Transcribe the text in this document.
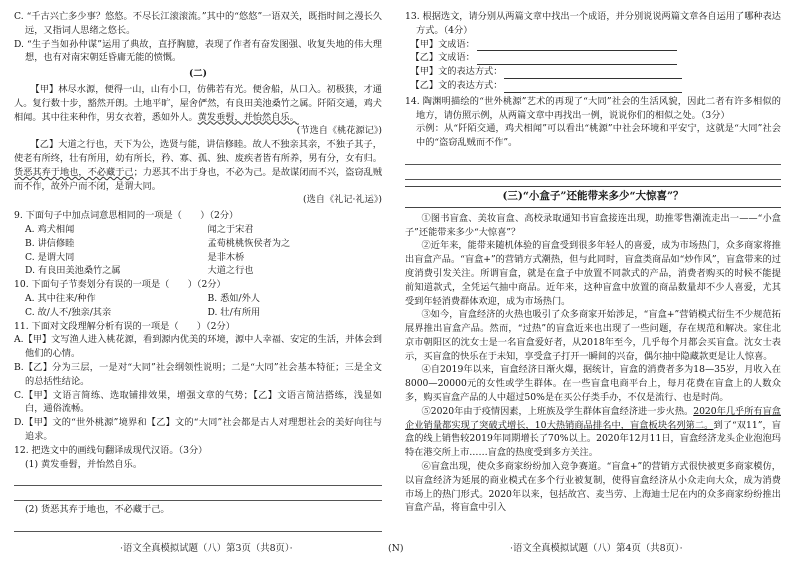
C. “千古兴亡多少事？悠悠。不尽长江滚滚流。”其中的“悠悠”一语双关，既指时间之漫长久远，又指词人思绪之悠长。

D. “生子当如孙仲谋”运用了典故，直抒胸臆，表现了作者有奋发图强、收复失地的伟大理想，也有对南宋朝廷昏庸无能的愤慨。

(二)

【甲】林尽水源，便得一山，山有小口，仿佛若有光。便舍船，从口入。初极狭，才通人。复行数十步，豁然开朗。土地平旷，屋舍俨然，有良田美池桑竹之属。阡陌交通，鸡犬相闻。其中往来种作，男女衣着，悉如外人。黄发垂髫，并怡然自乐。

(节选自《桃花源记》)

【乙】大道之行也，天下为公，选贤与能，讲信修睦。故人不独亲其亲，不独子其子，使老有所终，壮有所用，幼有所长，矜、寡、孤、独、废疾者皆有所养，男有分，女有归。货恶其弃于地也，不必藏于己；力恶其不出于身也，不必为己。是故谋闭而不兴，盗窃乱贼而不作，故外户而不闭，是谓大同。

(选自《礼记·礼运》)

9. 下面句子中加点词意思相同的一项是（　　）（2分）

A. 鸡犬相闻	闻之于宋君
B. 讲信修睦	孟荀桃桃恢侯者为之
C. 是谓大同	是非木桥
D. 有良田美池桑竹之属	大道之行也

10. 下面句子节奏划分有误的一项是（　　）（2分）

A. 其中往来/种作	B. 悉如/外人
C. 故/人不/独亲/其亲	D. 壮/有所用

11. 下面对文段理解分析有误的一项是（　　）（2分）

A.【甲】文写渔人进入桃花源，看到源内优美的环境，源中人幸福、安定的生活，并体会到他们的心情。

B.【乙】分为三层，一是对“大同”社会纲领性说明；二是“大同”社会基本特征；三是全文的总括性结论。

C.【甲】文语言简练、选取铺排效果，增强文章的气势；【乙】文语言简洁搭练，浅显如白，通俗流畅。

D.【甲】文的“世外桃源”境界和【乙】文的“大同”社会都是古人对理想社会的美好向往与追求。

12. 把选文中的画线句翻译成现代汉语。（3分）

(1) 黄发垂髫，并怡然自乐。

(2) 货恶其弃于地也，不必藏于己。

13. 根据选文，请分别从两篇文章中找出一个成语，并分别说说两篇文章各自运用了哪种表达方式。（4分）

【甲】文成语：
【乙】文成语：
【甲】文的表达方式：
【乙】文的表达方式：

14. 陶渊明描绘的“世外桃源”艺术的再现了“大同”社会的生活风貌，因此二者有许多相似的地方，请仿照示例，从两篇文章中再找出一例，说说你们的相似之处。（3分）

示例：从“阡陌交通，鸡犬相闻”可以看出“桃源”中社会环境和平安宁，这就是“大同”社会中的“盗窃乱贼而不作”。

(三)“小盒子”还能带来多少“大惊喜”？

①图书盲盒、美妆盲盒、高校录取通知书盲盒接连出现，助推零售潮流走出一——“小盒子”还能带来多少“大惊喜”？

②近年来，能带来随机体验的盲盒受到很多年轻人的喜爱，成为市场热门，众多商家将推出盲盒产品。“盲盒+”的营销方式潮热，但与此同时，盲盒类商品如“炒作风”，盲盒带来的过度消费引发关注。所谓盲盒，就是在盒子中放置不同款式的产品，消费者购买的时候不能提前知道款式，全凭运气抽中商品。近年来，这种盲盒中放置的商品数量却不少人喜爱，尤其受到年轻消费群体欢迎，成为市场热门。

③如今，盲盒经济的火热也吸引了众多商家开始涉足，“盲盒+”营销模式衍生不少规范拓展界推出盲盒产品。然而，“过热”的盲盒近来也出现了一些问题，存在规范和解决。家住北京市朝阳区的沈女士是一名盲盒爱好者，从2018年至今，几乎每个月都会买盲盒。沈女士表示，买盲盒的快乐在于未知，享受盒子打开一瞬间的兴奋，偶尔抽中隐藏款更是让人惊喜。

④自2019年以来，盲盒经济日渐火爆，据统计，盲盒的消费者多为18—35岁，月收入在8000—20000元的女性或学生群体。在一些盲盒电商平台上，每月花费在盲盒上的人数众多，购买盲盒产品的人中超过50%是在买公仔类手办，不仅是流行、也是时尚。

⑤2020年由于疫情因素，上班族及学生群体盲盒经济进一步火热。2020年几乎所有盲盒企业销量都实现了突破式增长，10大热销商品排名中，盲盒板块名列第二。到了“双11”，盲盒的线上销售较2019年同期增长了70%以上。2020年12月11日，盲盒经济龙头企业泡泡玛特在港交所上市……盲盒的热度受到多方关注。

⑥盲盒出现，使众多商家纷纷加入竞争赛道。“盲盒+”的营销方式很快被更多商家模仿，以盲盒经济为延展的商业模式在多个行业被复制，使得盲盒经济从小众走向大众，成为消费市场上的热门形式。2020年以来，包括故宫、麦当劳、上海迪士尼在内的众多商家纷纷推出盲盒产品，将盲盒中引入

·语文全真模拟试题（八）第3页（共8页）·	(N)	·语文全真模拟试题（八）第4页（共8页）·
